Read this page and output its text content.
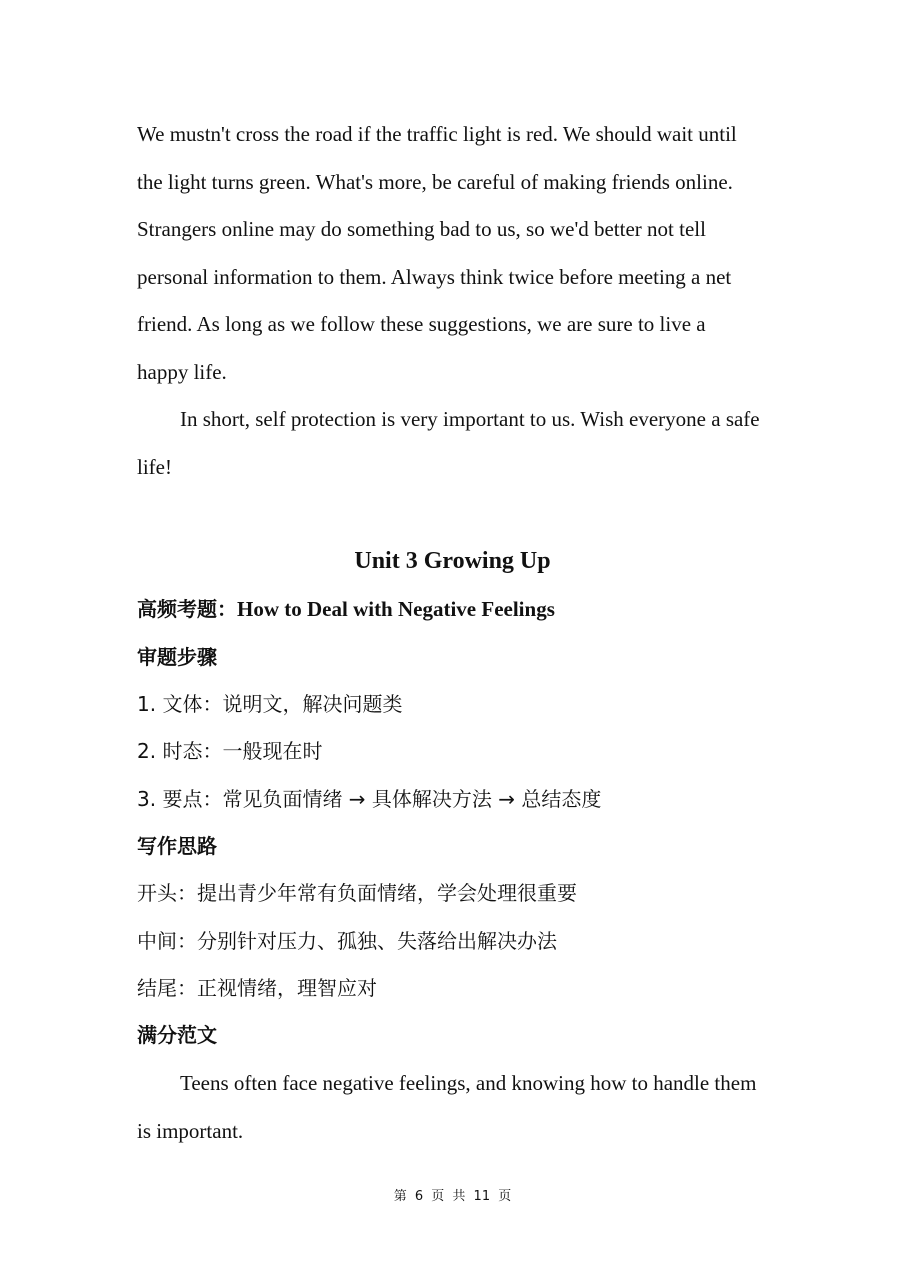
We mustn't cross the road if the traffic light is red. We should wait until

the light turns green. What's more, be careful of making friends online.

Strangers online may do something bad to us, so we'd better not tell

personal information to them. Always think twice before meeting a net

friend. As long as we follow these suggestions, we are sure to live a

happy life.

In short, self protection is very important to us. Wish everyone a safe

life!

Unit 3 Growing Up

高频考题：How to Deal with Negative Feelings

审题步骤

1. 文体：说明文，解决问题类

2. 时态：一般现在时

3. 要点：常见负面情绪 → 具体解决方法 → 总结态度

写作思路

开头：提出青少年常有负面情绪，学会处理很重要

中间：分别针对压力、孤独、失落给出解决办法

结尾：正视情绪，理智应对

满分范文

Teens often face negative feelings, and knowing how to handle them

is important.

第 6 页 共 11 页
